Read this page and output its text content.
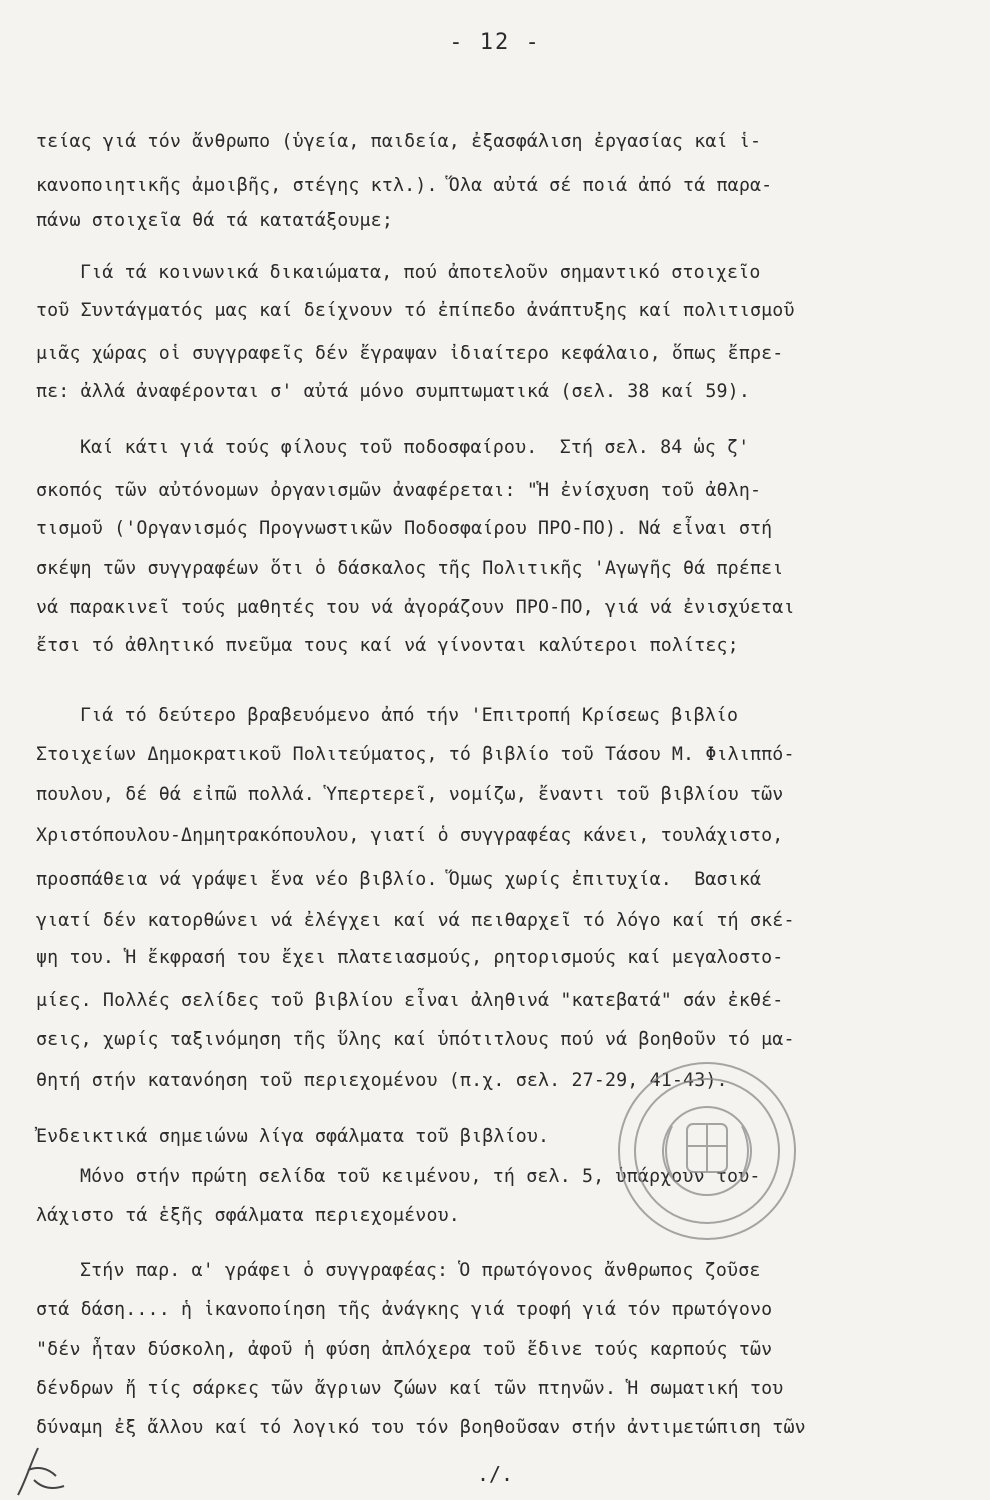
- 12 -
τείας γιά τόν ἄνθρωπο (ὑγεία, παιδεία, ἐξασφάλιση ἐργασίας καί ἱ-
κανοποιητικῆς ἀμοιβῆς, στέγης κτλ.). Ὅλα αὐτά σέ ποιά ἀπό τά παρα-
πάνω στοιχεῖα θά τά κατατάξουμε;
Γιά τά κοινωνικά δικαιώματα, πού ἀποτελοῦν σημαντικό στοιχεῖο
τοῦ Συντάγματός μας καί δείχνουν τό ἐπίπεδο ἀνάπτυξης καί πολιτισμοῦ
μιᾶς χώρας οἱ συγγραφεῖς δέν ἔγραψαν ἰδιαίτερο κεφάλαιο, ὅπως ἔπρε-
πε: ἀλλά ἀναφέρονται σ' αὐτά μόνο συμπτωματικά (σελ. 38 καί 59).
Καί κάτι γιά τούς φίλους τοῦ ποδοσφαίρου.  Στή σελ. 84 ὡς ζ'
σκοπός τῶν αὐτόνομων ὀργανισμῶν ἀναφέρεται: "Ἡ ἐνίσχυση τοῦ ἀθλη-
τισμοῦ ('Οργανισμός Προγνωστικῶν Ποδοσφαίρου ΠΡΟ-ΠΟ). Νά εἶναι στή
σκέψη τῶν συγγραφέων ὅτι ὁ δάσκαλος τῆς Πολιτικῆς 'Αγωγῆς θά πρέπει
νά παρακινεῖ τούς μαθητές του νά ἀγοράζουν ΠΡΟ-ΠΟ, γιά νά ἐνισχύεται
ἔτσι τό ἀθλητικό πνεῦμα τους καί νά γίνονται καλύτεροι πολίτες;
Γιά τό δεύτερο βραβευόμενο ἀπό τήν 'Επιτροπή Κρίσεως βιβλίο
Στοιχείων Δημοκρατικοῦ Πολιτεύματος, τό βιβλίο τοῦ Τάσου Μ. Φιλιππό-
πουλου, δέ θά εἰπῶ πολλά. Ὑπερτερεῖ, νομίζω, ἔναντι τοῦ βιβλίου τῶν
Χριστόπουλου-Δημητρακόπουλου, γιατί ὁ συγγραφέας κάνει, τουλάχιστο,
προσπάθεια νά γράψει ἕνα νέο βιβλίο. Ὅμως χωρίς ἐπιτυχία.  Βασικά
γιατί δέν κατορθώνει νά ἐλέγχει καί νά πειθαρχεῖ τό λόγο καί τή σκέ-
ψη του. Ἡ ἔκφρασή του ἔχει πλατειασμούς, ρητορισμούς καί μεγαλοστο-
μίες. Πολλές σελίδες τοῦ βιβλίου εἶναι ἀληθινά "κατεβατά" σάν ἐκθέ-
σεις, χωρίς ταξινόμηση τῆς ὕλης καί ὑπότιτλους πού νά βοηθοῦν τό μα-
θητή στήν κατανόηση τοῦ περιεχομένου (π.χ. σελ. 27-29, 41-43).
Ἐνδεικτικά σημειώνω λίγα σφάλματα τοῦ βιβλίου.
Μόνο στήν πρώτη σελίδα τοῦ κειμένου, τή σελ. 5, ὑπάρχουν του-
λάχιστο τά ἑξῆς σφάλματα περιεχομένου.
Στήν παρ. α' γράφει ὁ συγγραφέας: Ὁ πρωτόγονος ἄνθρωπος ζοῦσε
στά δάση.... ἡ ἱκανοποίηση τῆς ἀνάγκης γιά τροφή γιά τόν πρωτόγονο
"δέν ἦταν δύσκολη, ἀφοῦ ἡ φύση ἀπλόχερα τοῦ ἔδινε τούς καρπούς τῶν
δένδρων ἤ τίς σάρκες τῶν ἄγριων ζώων καί τῶν πτηνῶν. Ἡ σωματική του
δύναμη ἐξ ἄλλου καί τό λογικό του τόν βοηθοῦσαν στήν ἀντιμετώπιση τῶν
./.
